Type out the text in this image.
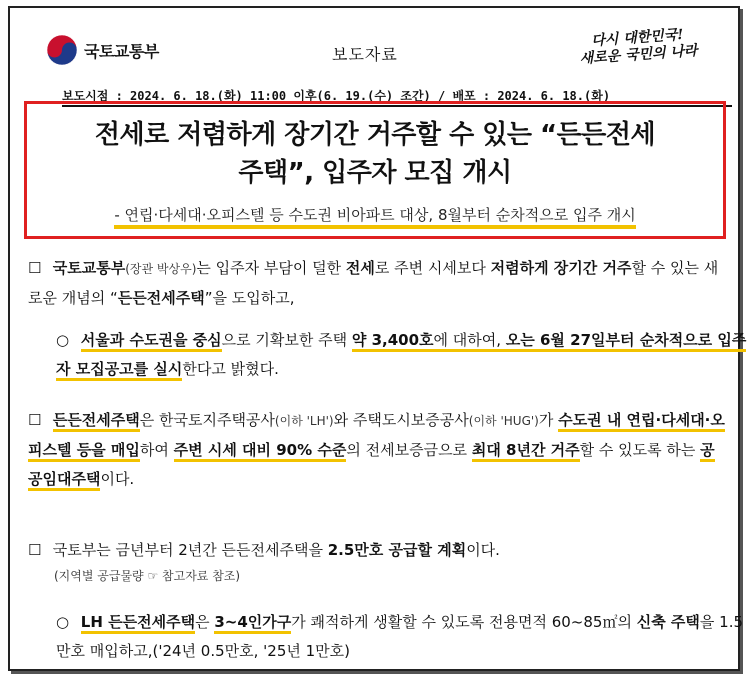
국토교통부	보도자료
다시 대한민국!
새로운 국민의 나라
보도시점 : 2024. 6. 18.(화) 11:00 이후(6. 19.(수) 조간) / 배포 : 2024. 6. 18.(화)
전세로 저렴하게 장기간 거주할 수 있는 “든든전세
주택”, 입주자 모집 개시
- 연립·다세대·오피스텔 등 수도권 비아파트 대상, 8월부터 순차적으로 입주 개시
☐ 국토교통부(장관 박상우)는 입주자 부담이 덜한 전세로 주변 시세보다 저렴하게 장기간 거주할 수 있는 새로운 개념의 “든든전세주택”을 도입하고,
○ 서울과 수도권을 중심으로 기확보한 주택 약 3,400호에 대하여, 오는 6월 27일부터 순차적으로 입주자 모집공고를 실시한다고 밝혔다.
☐ 든든전세주택은 한국토지주택공사(이하 'LH')와 주택도시보증공사(이하 'HUG')가 수도권 내 연립·다세대·오피스텔 등을 매입하여 주변 시세 대비 90% 수준의 전세보증금으로 최대 8년간 거주할 수 있도록 하는 공공임대주택이다.
☐ 국토부는 금년부터 2년간 든든전세주택을 2.5만호 공급할 계획이다.
(지역별 공급물량 ☞ 참고자료 참조)
○ LH 든든전세주택은 3~4인가구가 쾌적하게 생활할 수 있도록 전용면적 60~85㎡의 신축 주택을 1.5만호 매입하고,('24년 0.5만호, '25년 1만호)
